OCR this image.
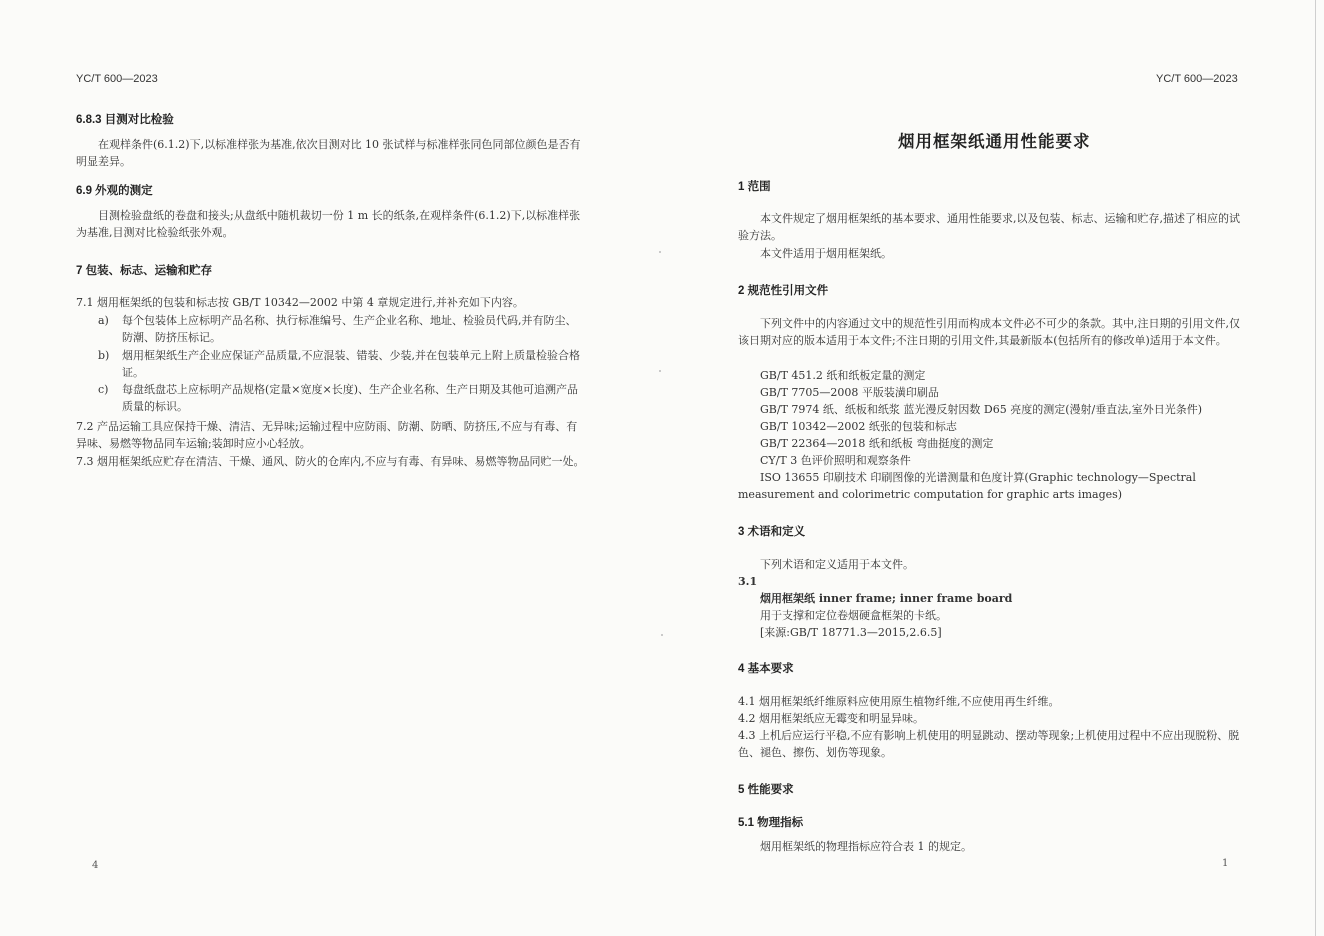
YC/T 600—2023
6.8.3 目测对比检验
在观样条件(6.1.2)下,以标准样张为基准,依次目测对比 10 张试样与标准样张同色同部位颜色是否有明显差异。
6.9 外观的测定
目测检验盘纸的卷盘和接头;从盘纸中随机裁切一份 1 m 长的纸条,在观样条件(6.1.2)下,以标准样张为基准,目测对比检验纸张外观。
7 包装、标志、运输和贮存
7.1 烟用框架纸的包装和标志按 GB/T 10342—2002 中第 4 章规定进行,并补充如下内容。
a) 每个包装体上应标明产品名称、执行标准编号、生产企业名称、地址、检验员代码,并有防尘、防潮、防挤压标记。
b) 烟用框架纸生产企业应保证产品质量,不应混装、错装、少装,并在包装单元上附上质量检验合格证。
c) 每盘纸盘芯上应标明产品规格(定量×宽度×长度)、生产企业名称、生产日期及其他可追溯产品质量的标识。
7.2 产品运输工具应保持干燥、清洁、无异味;运输过程中应防雨、防潮、防晒、防挤压,不应与有毒、有异味、易燃等物品同车运输;装卸时应小心轻放。
7.3 烟用框架纸应贮存在清洁、干燥、通风、防火的仓库内,不应与有毒、有异味、易燃等物品同贮一处。
4
YC/T 600—2023
烟用框架纸通用性能要求
1 范围
本文件规定了烟用框架纸的基本要求、通用性能要求,以及包装、标志、运输和贮存,描述了相应的试验方法。
本文件适用于烟用框架纸。
2 规范性引用文件
下列文件中的内容通过文中的规范性引用而构成本文件必不可少的条款。其中,注日期的引用文件,仅该日期对应的版本适用于本文件;不注日期的引用文件,其最新版本(包括所有的修改单)适用于本文件。
GB/T 451.2 纸和纸板定量的测定
GB/T 7705—2008 平版装潢印刷品
GB/T 7974 纸、纸板和纸浆 蓝光漫反射因数 D65 亮度的测定(漫射/垂直法,室外日光条件)
GB/T 10342—2002 纸张的包装和标志
GB/T 22364—2018 纸和纸板 弯曲挺度的测定
CY/T 3 色评价照明和观察条件
ISO 13655 印刷技术 印刷图像的光谱测量和色度计算(Graphic technology—Spectral measurement and colorimetric computation for graphic arts images)
3 术语和定义
下列术语和定义适用于本文件。
3.1
烟用框架纸 inner frame; inner frame board
用于支撑和定位卷烟硬盒框架的卡纸。
[来源:GB/T 18771.3—2015,2.6.5]
4 基本要求
4.1 烟用框架纸纤维原料应使用原生植物纤维,不应使用再生纤维。
4.2 烟用框架纸应无霉变和明显异味。
4.3 上机后应运行平稳,不应有影响上机使用的明显跳动、摆动等现象;上机使用过程中不应出现脱粉、脱色、褪色、擦伤、划伤等现象。
5 性能要求
5.1 物理指标
烟用框架纸的物理指标应符合表 1 的规定。
1
